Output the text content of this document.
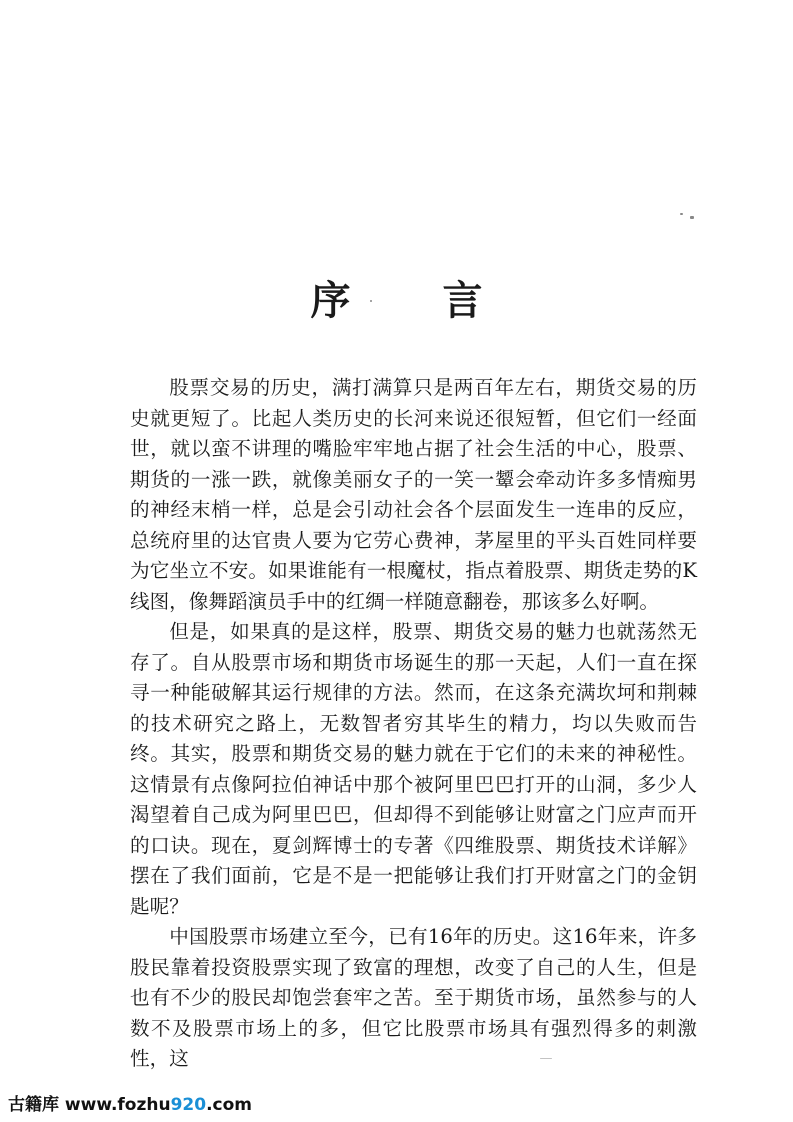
序 言

股票交易的历史，满打满算只是两百年左右，期货交易的历史就更短了。比起人类历史的长河来说还很短暂，但它们一经面世，就以蛮不讲理的嘴脸牢牢地占据了社会生活的中心，股票、期货的一涨一跌，就像美丽女子的一笑一颦会牵动许多多情痴男的神经末梢一样，总是会引动社会各个层面发生一连串的反应，总统府里的达官贵人要为它劳心费神，茅屋里的平头百姓同样要为它坐立不安。如果谁能有一根魔杖，指点着股票、期货走势的K线图，像舞蹈演员手中的红绸一样随意翻卷，那该多么好啊。

但是，如果真的是这样，股票、期货交易的魅力也就荡然无存了。自从股票市场和期货市场诞生的那一天起，人们一直在探寻一种能破解其运行规律的方法。然而，在这条充满坎坷和荆棘的技术研究之路上，无数智者穷其毕生的精力，均以失败而告终。其实，股票和期货交易的魅力就在于它们的未来的神秘性。这情景有点像阿拉伯神话中那个被阿里巴巴打开的山洞，多少人渴望着自己成为阿里巴巴，但却得不到能够让财富之门应声而开的口诀。现在，夏剑辉博士的专著《四维股票、期货技术详解》摆在了我们面前，它是不是一把能够让我们打开财富之门的金钥匙呢？

中国股票市场建立至今，已有16年的历史。这16年来，许多股民靠着投资股票实现了致富的理想，改变了自己的人生，但是也有不少的股民却饱尝套牢之苦。至于期货市场，虽然参与的人数不及股票市场上的多，但它比股票市场具有强烈得多的刺激性，这

古籍库 www.fozhu920.com
